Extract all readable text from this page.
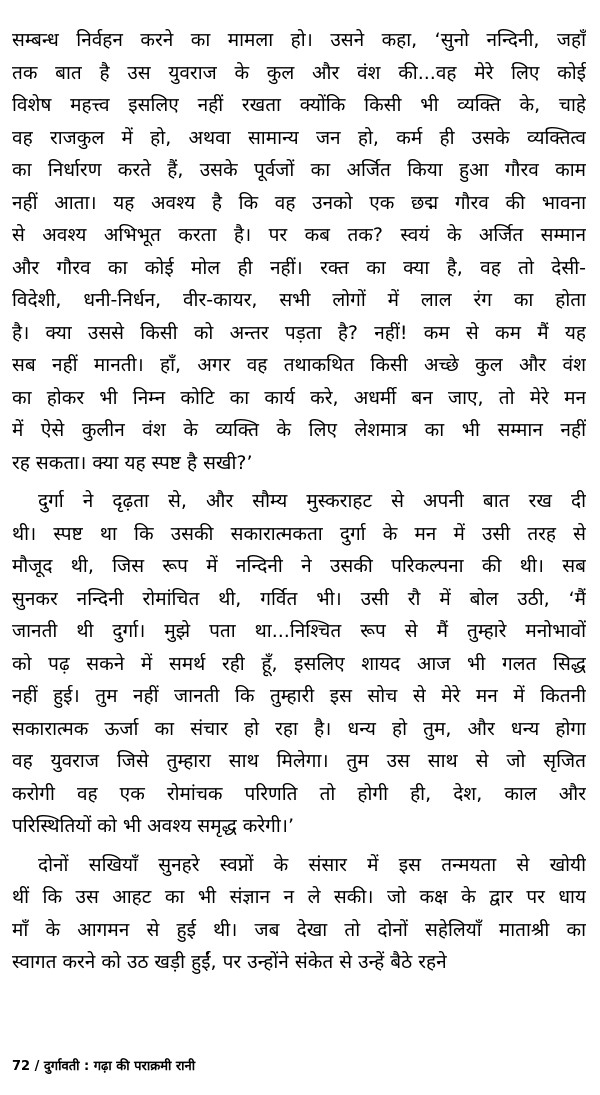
सम्बन्ध निर्वहन करने का मामला हो। उसने कहा, ‘सुनो नन्दिनी, जहाँ
तक बात है उस युवराज के कुल और वंश की...वह मेरे लिए कोई
विशेष महत्त्व इसलिए नहीं रखता क्योंकि किसी भी व्यक्ति के, चाहे
वह राजकुल में हो, अथवा सामान्य जन हो, कर्म ही उसके व्यक्तित्व
का निर्धारण करते हैं, उसके पूर्वजों का अर्जित किया हुआ गौरव काम
नहीं आता। यह अवश्य है कि वह उनको एक छद्म गौरव की भावना
से अवश्य अभिभूत करता है। पर कब तक? स्वयं के अर्जित सम्मान
और गौरव का कोई मोल ही नहीं। रक्त का क्या है, वह तो देसी-
विदेशी, धनी-निर्धन, वीर-कायर, सभी लोगों में लाल रंग का होता
है। क्या उससे किसी को अन्तर पड़ता है? नहीं! कम से कम मैं यह
सब नहीं मानती। हाँ, अगर वह तथाकथित किसी अच्छे कुल और वंश
का होकर भी निम्न कोटि का कार्य करे, अधर्मी बन जाए, तो मेरे मन
में ऐसे कुलीन वंश के व्यक्ति के लिए लेशमात्र का भी सम्मान नहीं
रह सकता। क्या यह स्पष्ट है सखी?’
दुर्गा ने दृढ़ता से, और सौम्य मुस्कराहट से अपनी बात रख दी
थी। स्पष्ट था कि उसकी सकारात्मकता दुर्गा के मन में उसी तरह से
मौजूद थी, जिस रूप में नन्दिनी ने उसकी परिकल्पना की थी। सब
सुनकर नन्दिनी रोमांचित थी, गर्वित भी। उसी रौ में बोल उठी, ‘मैं
जानती थी दुर्गा। मुझे पता था...निश्चित रूप से मैं तुम्हारे मनोभावों
को पढ़ सकने में समर्थ रही हूँ, इसलिए शायद आज भी गलत सिद्ध
नहीं हुई। तुम नहीं जानती कि तुम्हारी इस सोच से मेरे मन में कितनी
सकारात्मक ऊर्जा का संचार हो रहा है। धन्य हो तुम, और धन्य होगा
वह युवराज जिसे तुम्हारा साथ मिलेगा। तुम उस साथ से जो सृजित
करोगी वह एक रोमांचक परिणति तो होगी ही, देश, काल और
परिस्थितियों को भी अवश्य समृद्ध करेगी।’
दोनों सखियाँ सुनहरे स्वप्नों के संसार में इस तन्मयता से खोयी
थीं कि उस आहट का भी संज्ञान न ले सकी। जो कक्ष के द्वार पर धाय
माँ के आगमन से हुई थी। जब देखा तो दोनों सहेलियाँ माताश्री का
स्वागत करने को उठ खड़ी हुईं, पर उन्होंने संकेत से उन्हें बैठे रहने
72 / दुर्गावती : गढ़ा की पराक्रमी रानी
